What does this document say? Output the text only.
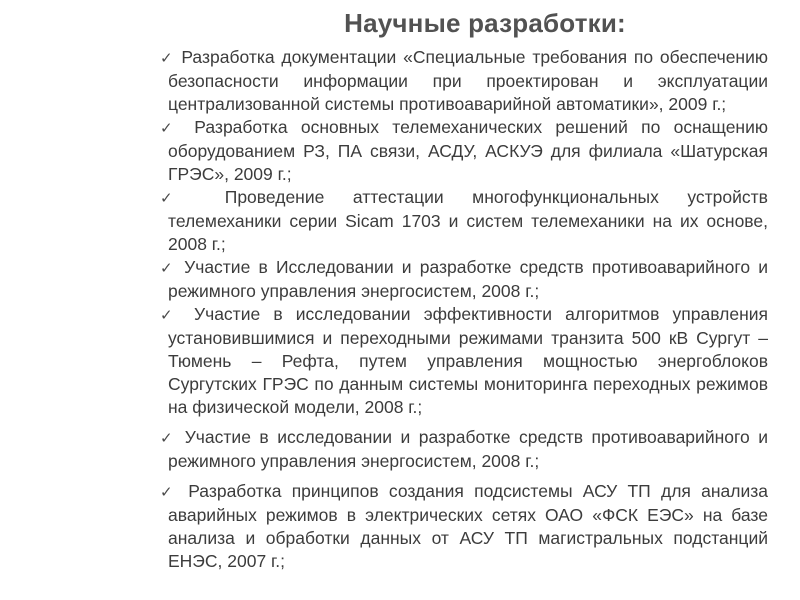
Научные разработки:
✓ Разработка документации «Специальные требования по обеспечению безопасности информации при проектирован и эксплуатации централизованной системы противоаварийной автоматики», 2009 г.;
✓ Разработка основных телемеханических решений по оснащению оборудованием РЗ, ПА связи, АСДУ, АСКУЭ для филиала «Шатурская ГРЭС», 2009 г.;
✓ Проведение аттестации многофункциональных устройств телемеханики серии Sicam 1703 и систем телемеханики на их основе, 2008 г.;
✓ Участие в Исследовании и разработке средств противоаварийного и режимного управления энергосистем, 2008 г.;
✓ Участие в исследовании эффективности алгоритмов управления установившимися и переходными режимами транзита 500 кВ Сургут – Тюмень – Рефта, путем управления мощностью энергоблоков Сургутских ГРЭС по данным системы мониторинга переходных режимов на физической модели, 2008 г.;
✓ Участие в исследовании и разработке средств противоаварийного и режимного управления энергосистем, 2008 г.;
✓ Разработка принципов создания подсистемы АСУ ТП для анализа аварийных режимов в электрических сетях ОАО «ФСК ЕЭС» на базе анализа и обработки данных от АСУ ТП магистральных подстанций ЕНЭС, 2007 г.;
